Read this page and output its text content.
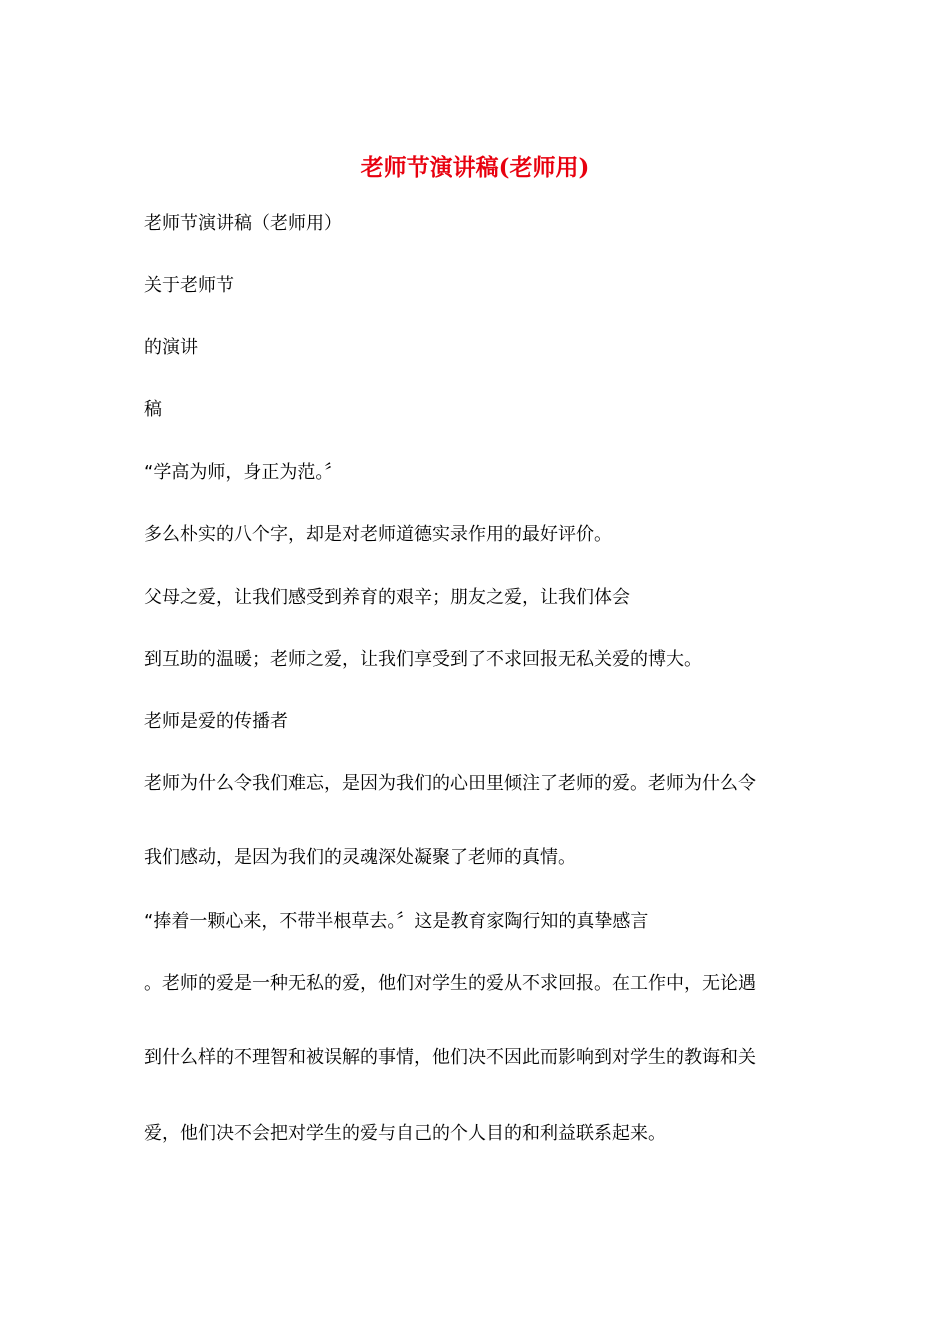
老师节演讲稿(老师用)
老师节演讲稿（老师用）
关于老师节
的演讲
稿
“学高为师，身正为范。〞
多么朴实的八个字，却是对老师道德实录作用的最好评价。
父母之爱，让我们感受到养育的艰辛；朋友之爱，让我们体会
到互助的温暖；老师之爱，让我们享受到了不求回报无私关爱的博大。
老师是爱的传播者
老师为什么令我们难忘，是因为我们的心田里倾注了老师的爱。老师为什么令
我们感动，是因为我们的灵魂深处凝聚了老师的真情。
“捧着一颗心来，不带半根草去。〞这是教育家陶行知的真挚感言
。老师的爱是一种无私的爱，他们对学生的爱从不求回报。在工作中，无论遇
到什么样的不理智和被误解的事情，他们决不因此而影响到对学生的教诲和关
爱，他们决不会把对学生的爱与自己的个人目的和利益联系起来。
